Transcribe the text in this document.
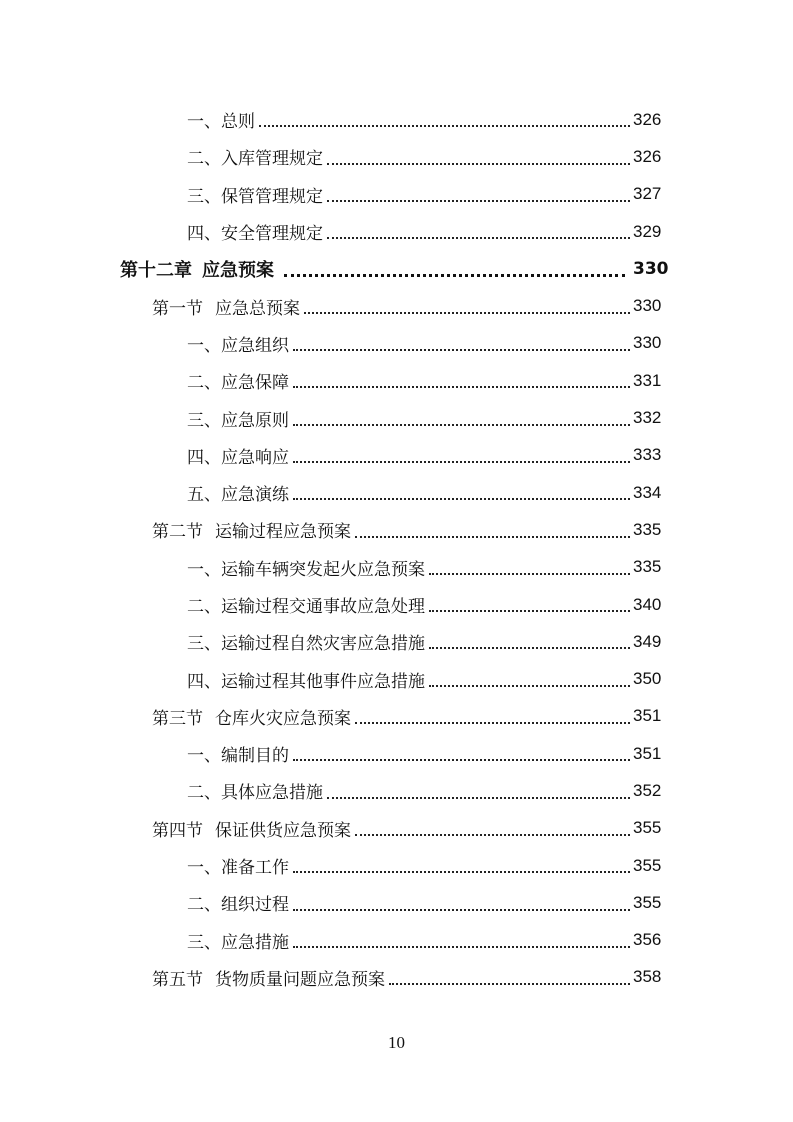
一、 总则	326
二、 入库管理规定	326
三、 保管管理规定	327
四、 安全管理规定	329
第十二章 应急预案	330
第一节 应急总预案	330
一、 应急组织	330
二、 应急保障	331
三、 应急原则	332
四、 应急响应	333
五、 应急演练	334
第二节 运输过程应急预案	335
一、 运输车辆突发起火应急预案	335
二、 运输过程交通事故应急处理	340
三、 运输过程自然灾害应急措施	349
四、 运输过程其他事件应急措施	350
第三节 仓库火灾应急预案	351
一、 编制目的	351
二、 具体应急措施	352
第四节 保证供货应急预案	355
一、 准备工作	355
二、 组织过程	355
三、 应急措施	356
第五节 货物质量问题应急预案	358
10
